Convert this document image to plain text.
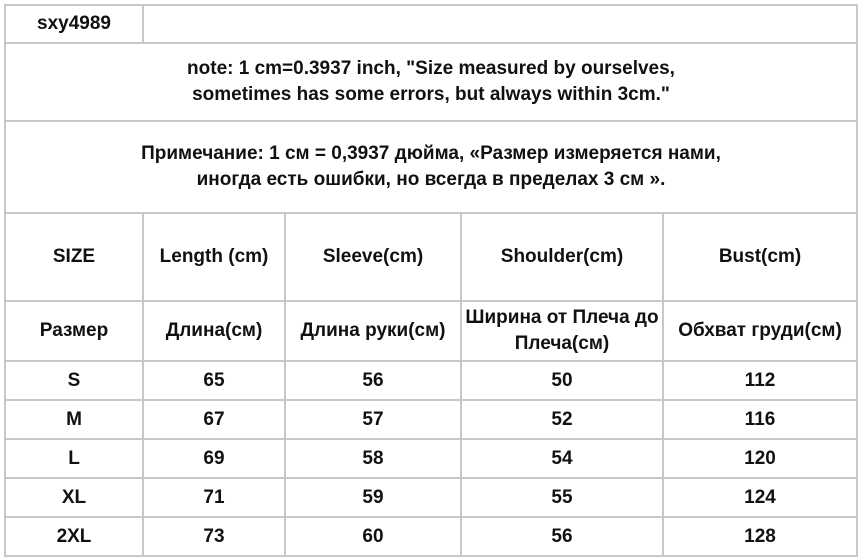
sxy4989				

note: 1 cm=0.3937 inch, "Size measured by ourselves,
sometimes has some errors, but always within 3cm."				

Примечание: 1 см = 0,3937 дюйма, «Размер измеряется нами,
иногда есть ошибки, но всегда в пределах 3 см ».				

SIZE	Length (cm)	Sleeve(cm)	Shoulder(cm)	Bust(cm)
Размер	Длина(см)	Длина руки(см)	Ширина от Плеча до Плеча(см)	Обхват груди(см)
S	65	56	50	112
M	67	57	52	116
L	69	58	54	120
XL	71	59	55	124
2XL	73	60	56	128
